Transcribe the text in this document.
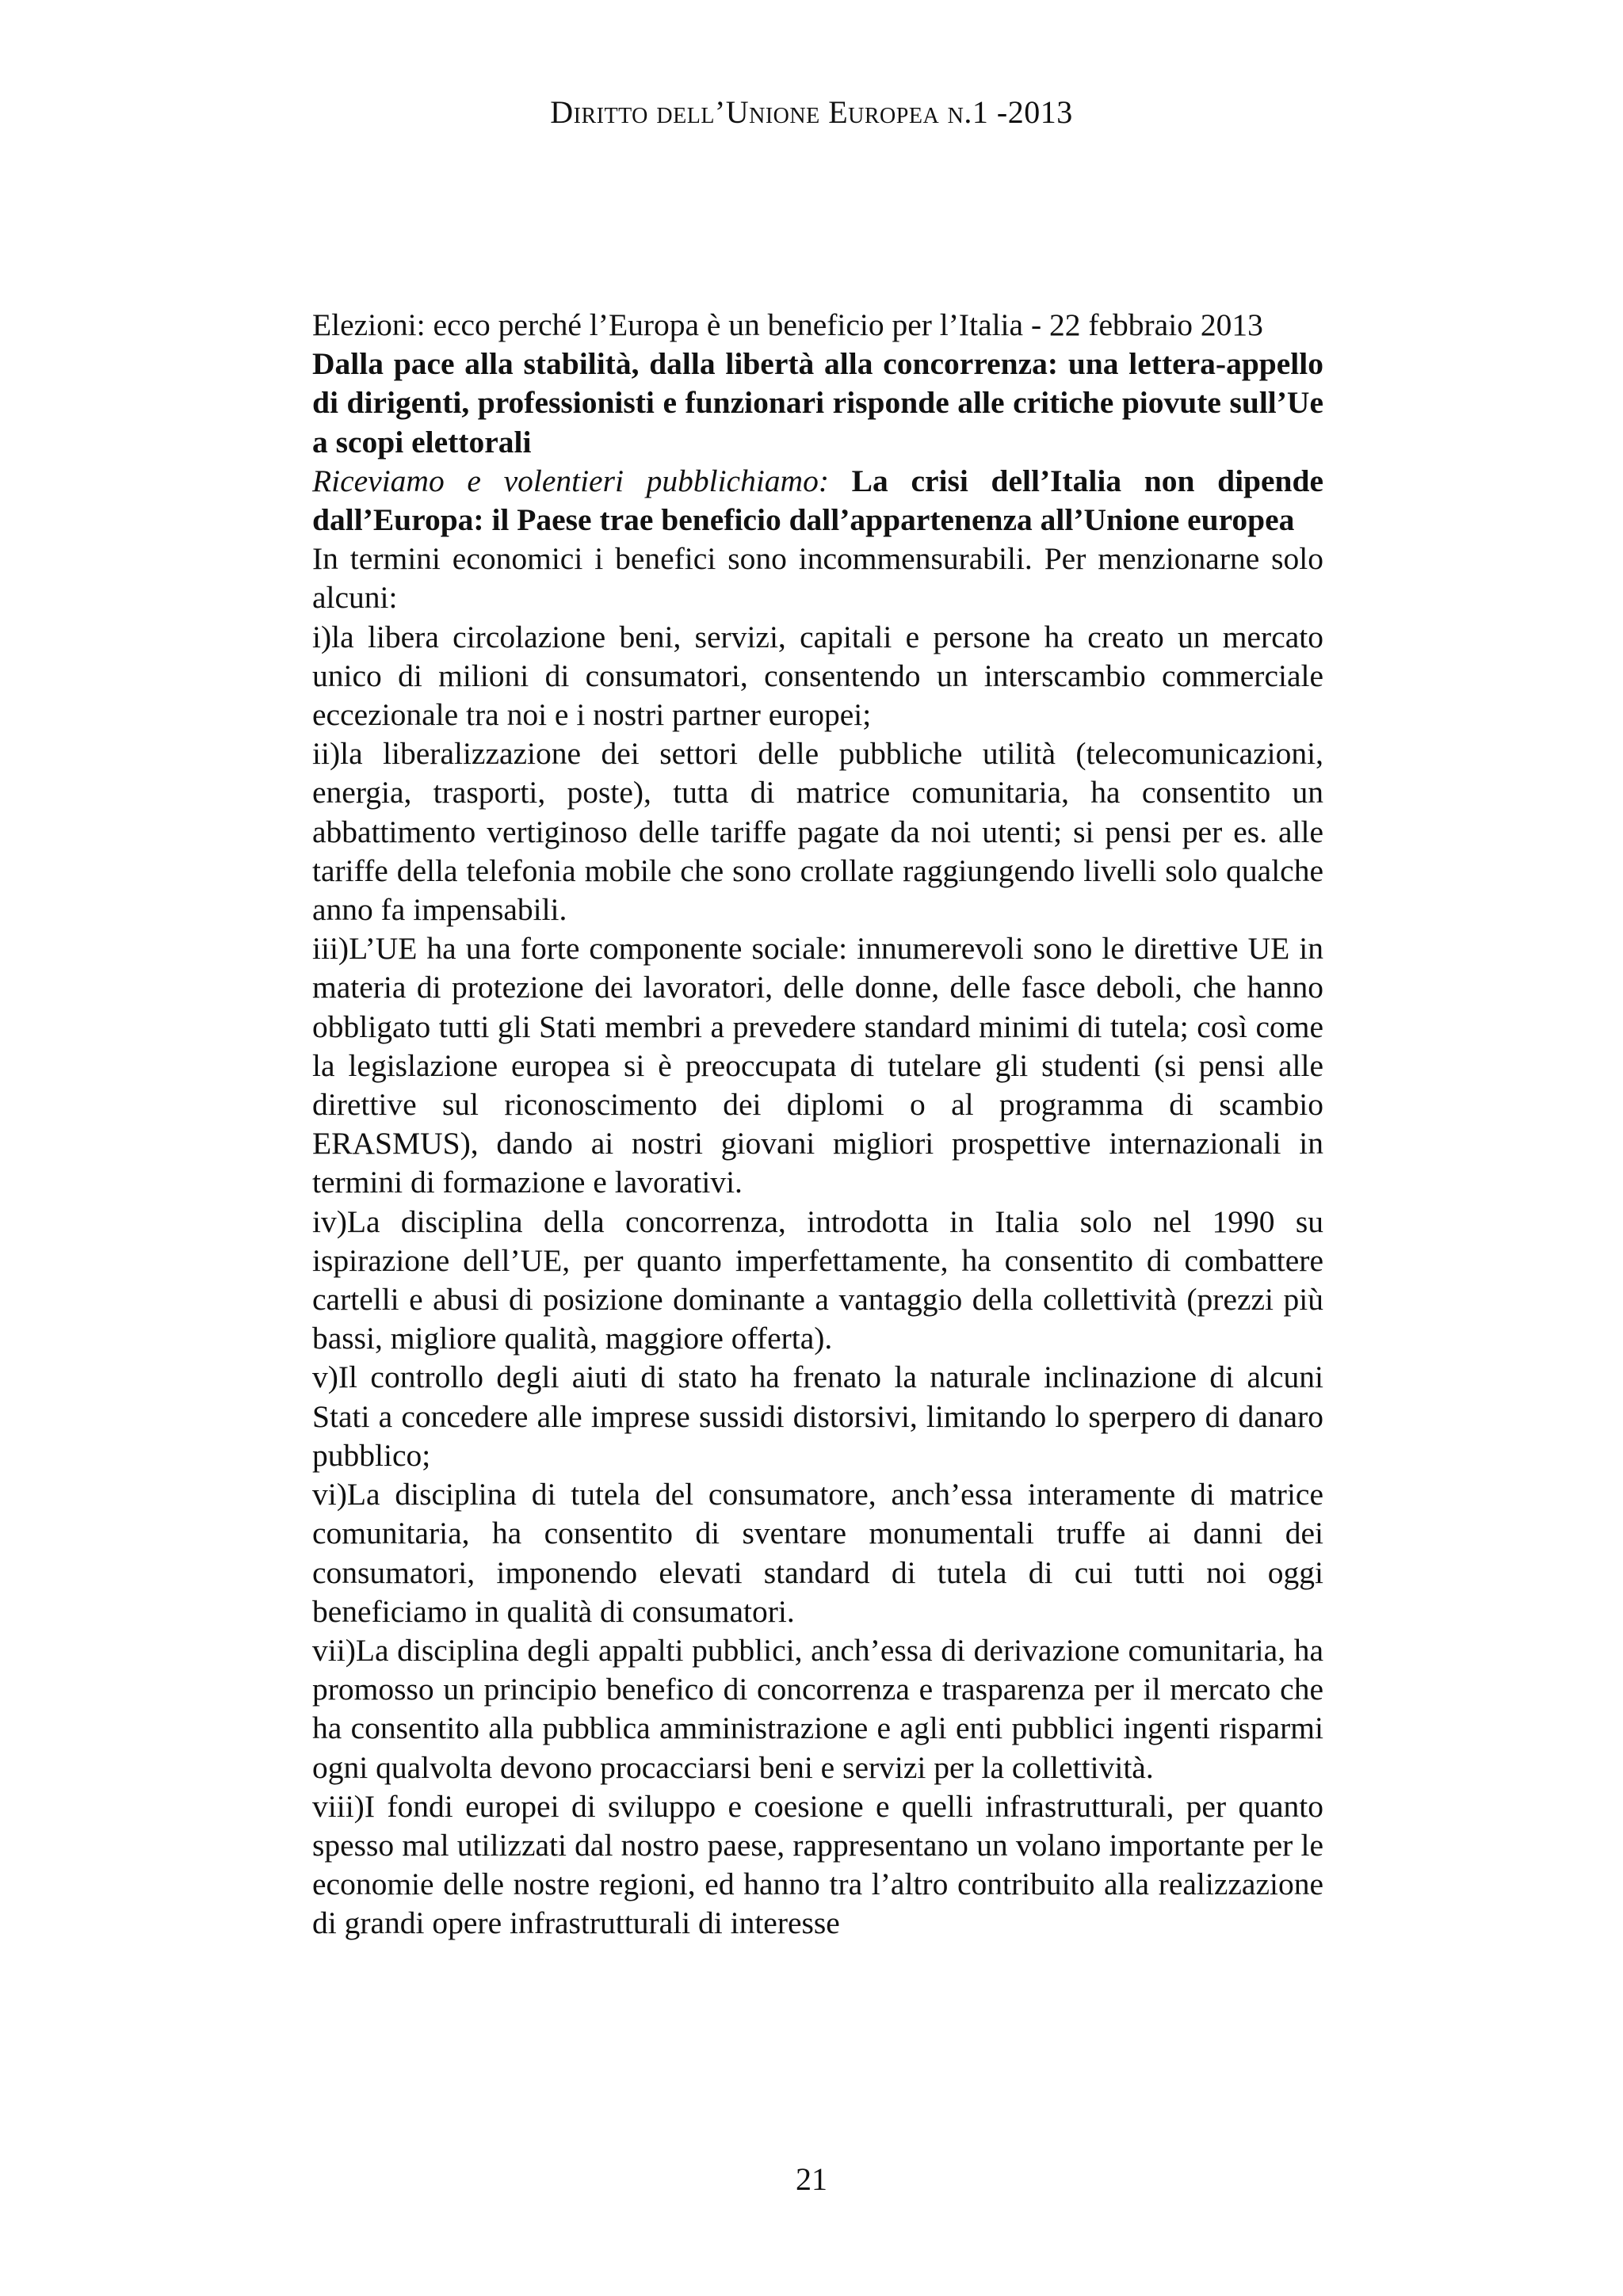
Diritto dell’Unione Europea n.1 -2013

Elezioni: ecco perché l’Europa è un beneficio per l’Italia - 22 febbraio 2013

Dalla pace alla stabilità, dalla libertà alla concorrenza: una lettera-appello di dirigenti, professionisti e funzionari risponde alle critiche piovute sull’Ue a scopi elettorali

Riceviamo e volentieri pubblichiamo: La crisi dell’Italia non dipende dall’Europa: il Paese trae beneficio dall’appartenenza all’Unione europea

In termini economici i benefici sono incommensurabili. Per menzionarne solo alcuni:

i)la libera circolazione beni, servizi, capitali e persone ha creato un mercato unico di milioni di consumatori, consentendo un interscambio commerciale eccezionale tra noi e i nostri partner europei;

ii)la liberalizzazione dei settori delle pubbliche utilità (telecomunicazioni, energia, trasporti, poste), tutta di matrice comunitaria, ha consentito un abbattimento vertiginoso delle tariffe pagate da noi utenti; si pensi per es. alle tariffe della telefonia mobile che sono crollate raggiungendo livelli solo qualche anno fa impensabili.

iii)L’UE ha una forte componente sociale: innumerevoli sono le direttive UE in materia di protezione dei lavoratori, delle donne, delle fasce deboli, che hanno obbligato tutti gli Stati membri a prevedere standard minimi di tutela; così come la legislazione europea si è preoccupata di tutelare gli studenti (si pensi alle direttive sul riconoscimento dei diplomi o al programma di scambio ERASMUS), dando ai nostri giovani migliori prospettive internazionali in termini di formazione e lavorativi.

iv)La disciplina della concorrenza, introdotta in Italia solo nel 1990 su ispirazione dell’UE, per quanto imperfettamente, ha consentito di combattere cartelli e abusi di posizione dominante a vantaggio della collettività (prezzi più bassi, migliore qualità, maggiore offerta).

v)Il controllo degli aiuti di stato ha frenato la naturale inclinazione di alcuni Stati a concedere alle imprese sussidi distorsivi, limitando lo sperpero di danaro pubblico;

vi)La disciplina di tutela del consumatore, anch’essa interamente di matrice comunitaria, ha consentito di sventare monumentali truffe ai danni dei consumatori, imponendo elevati standard di tutela di cui tutti noi oggi beneficiamo in qualità di consumatori.

vii)La disciplina degli appalti pubblici, anch’essa di derivazione comunitaria, ha promosso un principio benefico di concorrenza e trasparenza per il mercato che ha consentito alla pubblica amministrazione e agli enti pubblici ingenti risparmi ogni qualvolta devono procacciarsi beni e servizi per la collettività.

viii)I fondi europei di sviluppo e coesione e quelli infrastrutturali, per quanto spesso mal utilizzati dal nostro paese, rappresentano un volano importante per le economie delle nostre regioni, ed hanno tra l’altro contribuito alla realizzazione di grandi opere infrastrutturali di interesse

21
